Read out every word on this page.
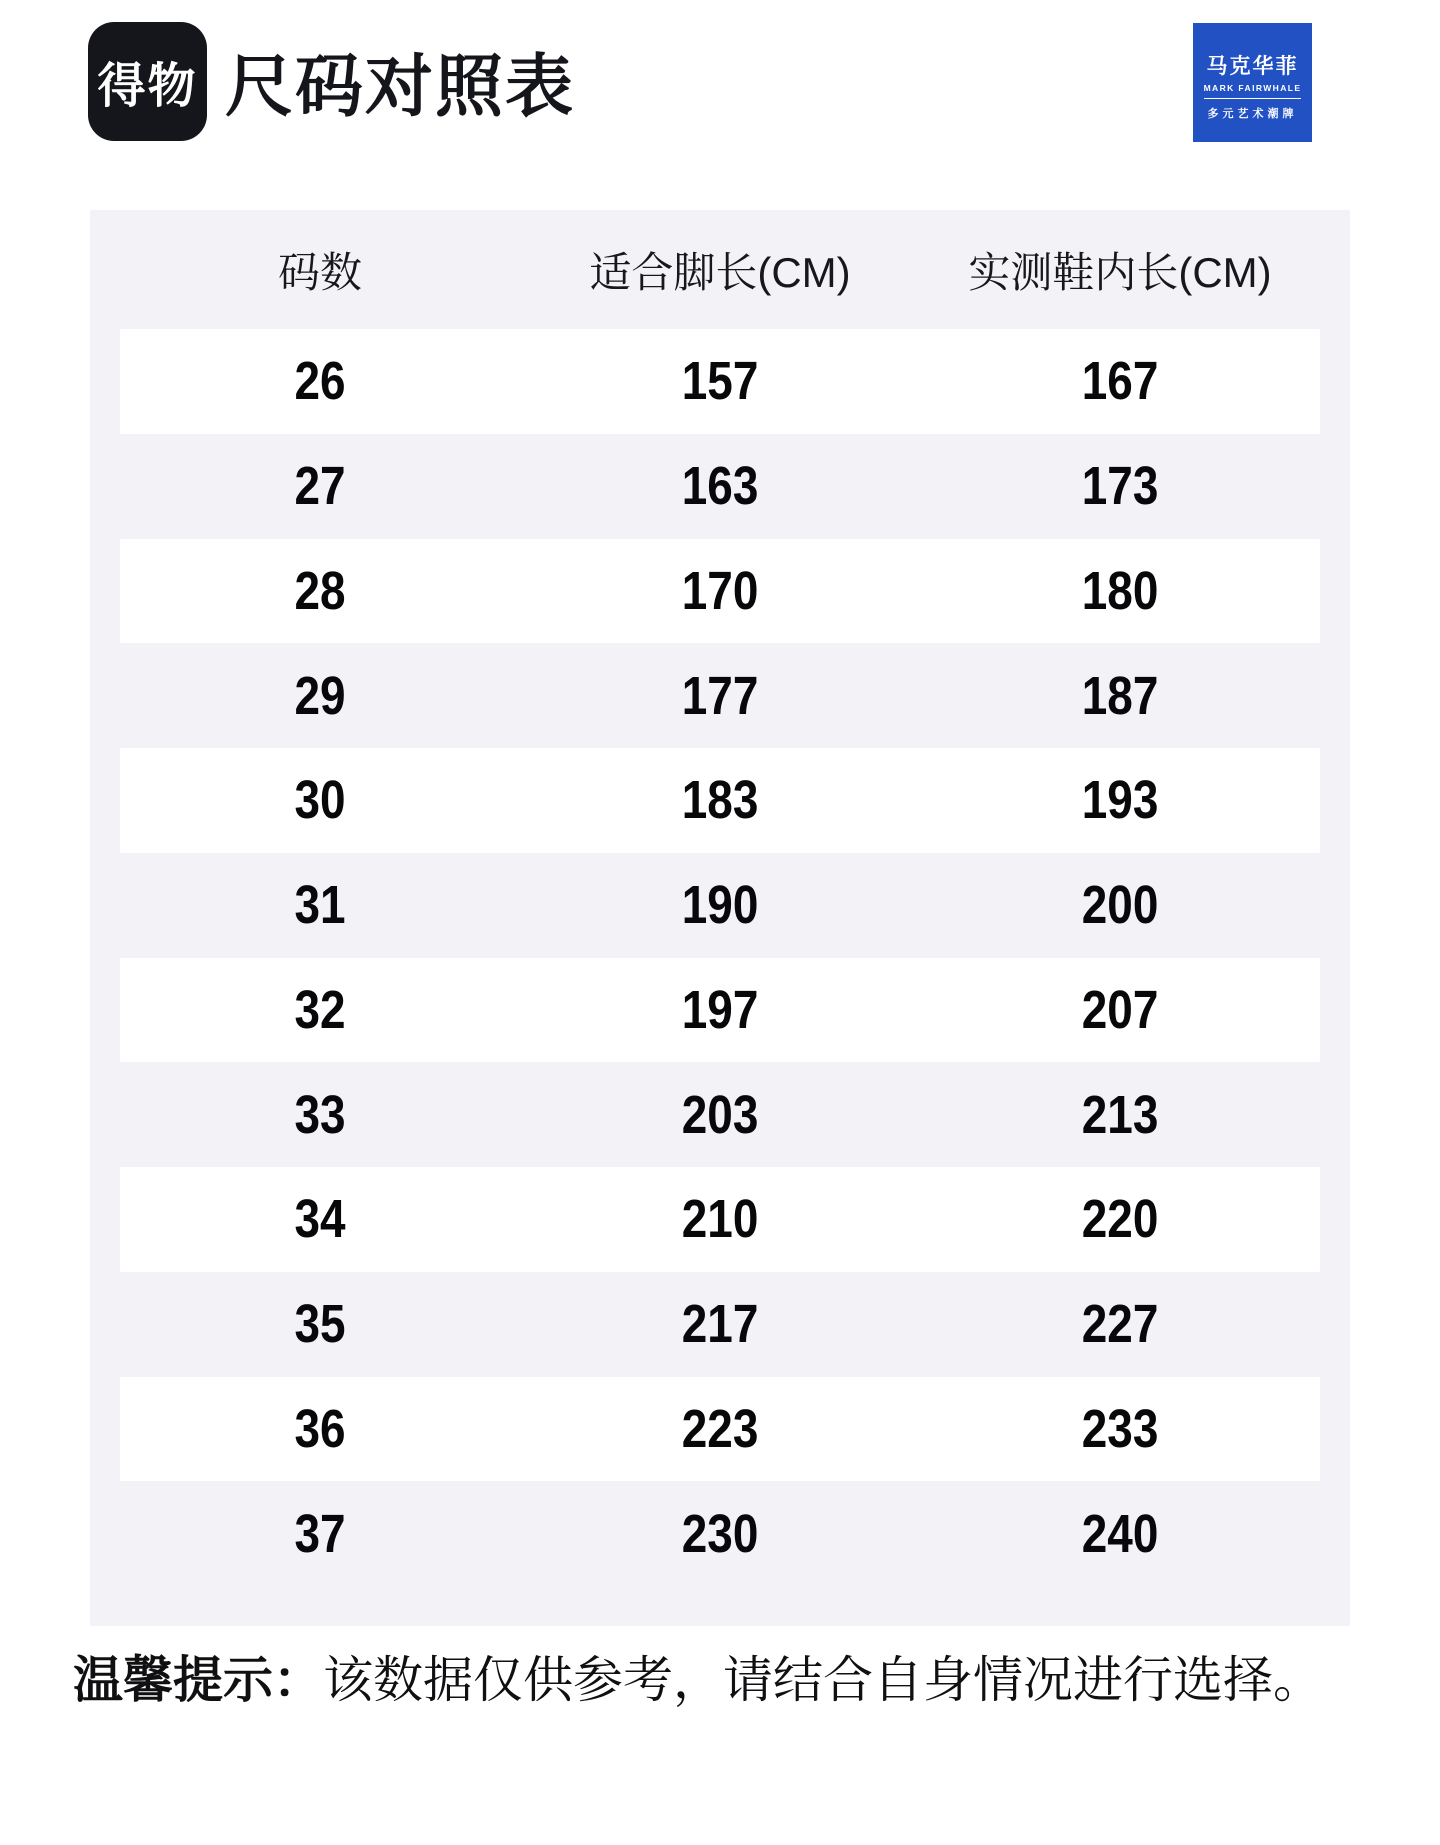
得物 尺码对照表	马克华菲
MARK FAIRWHALE
多元艺术潮牌
码数	适合脚长(CM)	实测鞋内长(CM)
26	157	167
27	163	173
28	170	180
29	177	187
30	183	193
31	190	200
32	197	207
33	203	213
34	210	220
35	217	227
36	223	233
37	230	240
温馨提示：该数据仅供参考，请结合自身情况进行选择。
